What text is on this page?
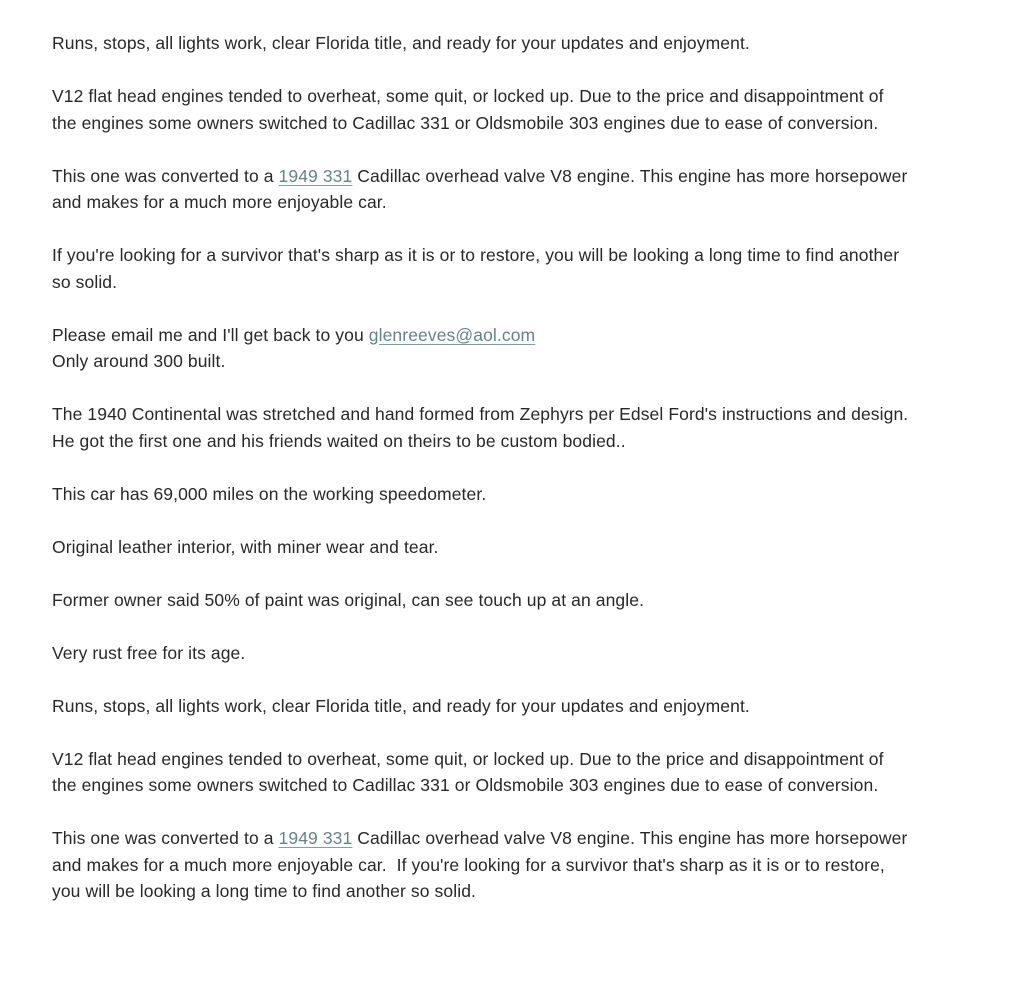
Runs, stops, all lights work, clear Florida title, and ready for your updates and enjoyment.

V12 flat head engines tended to overheat, some quit, or locked up. Due to the price and disappointment of the engines some owners switched to Cadillac 331 or Oldsmobile 303 engines due to ease of conversion.

This one was converted to a 1949 331 Cadillac overhead valve V8 engine. This engine has more horsepower and makes for a much more enjoyable car.

If you're looking for a survivor that's sharp as it is or to restore, you will be looking a long time to find another so solid.

Please email me and I'll get back to you glenreeves@aol.com
Only around 300 built.

The 1940 Continental was stretched and hand formed from Zephyrs per Edsel Ford's instructions and design. He got the first one and his friends waited on theirs to be custom bodied..

This car has 69,000 miles on the working speedometer.

Original leather interior, with miner wear and tear.

Former owner said 50% of paint was original, can see touch up at an angle.

Very rust free for its age.

Runs, stops, all lights work, clear Florida title, and ready for your updates and enjoyment.

V12 flat head engines tended to overheat, some quit, or locked up. Due to the price and disappointment of the engines some owners switched to Cadillac 331 or Oldsmobile 303 engines due to ease of conversion.

This one was converted to a 1949 331 Cadillac overhead valve V8 engine. This engine has more horsepower and makes for a much more enjoyable car.  If you're looking for a survivor that's sharp as it is or to restore, you will be looking a long time to find another so solid.
